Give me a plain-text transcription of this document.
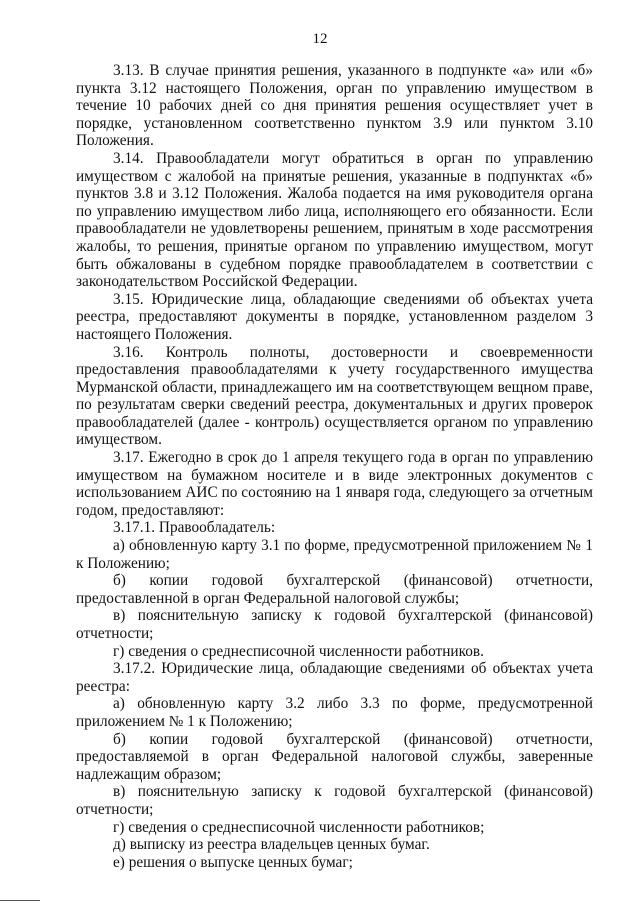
12

3.13. В случае принятия решения, указанного в подпункте «а» или «б» пункта 3.12 настоящего Положения, орган по управлению имуществом в течение 10 рабочих дней со дня принятия решения осуществляет учет в порядке, установленном соответственно пунктом 3.9 или пунктом 3.10 Положения.

3.14. Правообладатели могут обратиться в орган по управлению имуществом с жалобой на принятые решения, указанные в подпунктах «б» пунктов 3.8 и 3.12 Положения. Жалоба подается на имя руководителя органа по управлению имуществом либо лица, исполняющего его обязанности. Если правообладатели не удовлетворены решением, принятым в ходе рассмотрения жалобы, то решения, принятые органом по управлению имуществом, могут быть обжалованы в судебном порядке правообладателем в соответствии с законодательством Российской Федерации.

3.15. Юридические лица, обладающие сведениями об объектах учета реестра, предоставляют документы в порядке, установленном разделом 3 настоящего Положения.

3.16. Контроль полноты, достоверности и своевременности предоставления правообладателями к учету государственного имущества Мурманской области, принадлежащего им на соответствующем вещном праве, по результатам сверки сведений реестра, документальных и других проверок правообладателей (далее - контроль) осуществляется органом по управлению имуществом.

3.17. Ежегодно в срок до 1 апреля текущего года в орган по управлению имуществом на бумажном носителе и в виде электронных документов с использованием АИС по состоянию на 1 января года, следующего за отчетным годом, предоставляют:

3.17.1. Правообладатель:

а) обновленную карту 3.1 по форме, предусмотренной приложением № 1 к Положению;

б) копии годовой бухгалтерской (финансовой) отчетности, предоставленной в орган Федеральной налоговой службы;

в) пояснительную записку к годовой бухгалтерской (финансовой) отчетности;

г) сведения о среднесписочной численности работников.

3.17.2. Юридические лица, обладающие сведениями об объектах учета реестра:

а) обновленную карту 3.2 либо 3.3 по форме, предусмотренной приложением № 1 к Положению;

б) копии годовой бухгалтерской (финансовой) отчетности, предоставляемой в орган Федеральной налоговой службы, заверенные надлежащим образом;

в) пояснительную записку к годовой бухгалтерской (финансовой) отчетности;

г) сведения о среднесписочной численности работников;

д) выписку из реестра владельцев ценных бумаг.

е) решения о выпуске ценных бумаг;
